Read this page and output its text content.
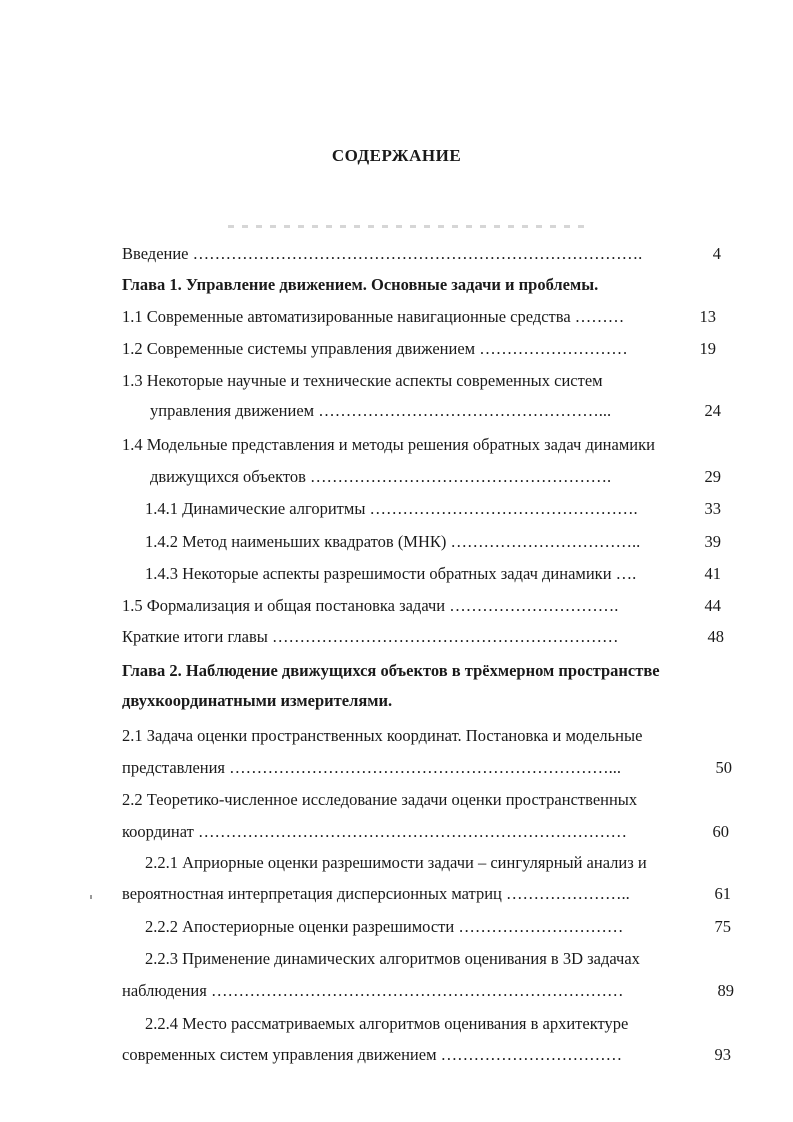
СОДЕРЖАНИЕ
Введение ……………………………………………………………………….	4
Глава 1. Управление движением. Основные задачи и проблемы.
1.1 Современные автоматизированные навигационные средства ………	13
1.2 Современные системы управления движением ………………………	19
1.3 Некоторые научные и технические аспекты современных систем
управления движением ……………………………………………...	24
1.4 Модельные представления и методы решения обратных задач динамики
движущихся объектов ……………………………………………….	29
1.4.1 Динамические алгоритмы ………………………………………….	33
1.4.2 Метод наименьших квадратов (МНК) ……………………………..	39
1.4.3 Некоторые аспекты разрешимости обратных задач динамики ….	41
1.5 Формализация и общая постановка задачи ………………………….	44
Краткие итоги главы ………………………………………………………	48
Глава 2. Наблюдение движущихся объектов в трёхмерном пространстве
двухкоординатными измерителями.
2.1 Задача оценки пространственных координат. Постановка и модельные
представления ……………………………………………………………...	50
2.2 Теоретико-численное исследование задачи оценки пространственных
координат ……………………………………………………………………	60
2.2.1 Априорные оценки разрешимости задачи – сингулярный анализ и
вероятностная интерпретация дисперсионных матриц …………………..	61
2.2.2 Апостериорные оценки разрешимости …………………………	75
2.2.3 Применение динамических алгоритмов оценивания в 3D задачах
наблюдения …………………………………………………………………	89
2.2.4 Место рассматриваемых алгоритмов оценивания в архитектуре
современных систем управления движением ……………………………	93
